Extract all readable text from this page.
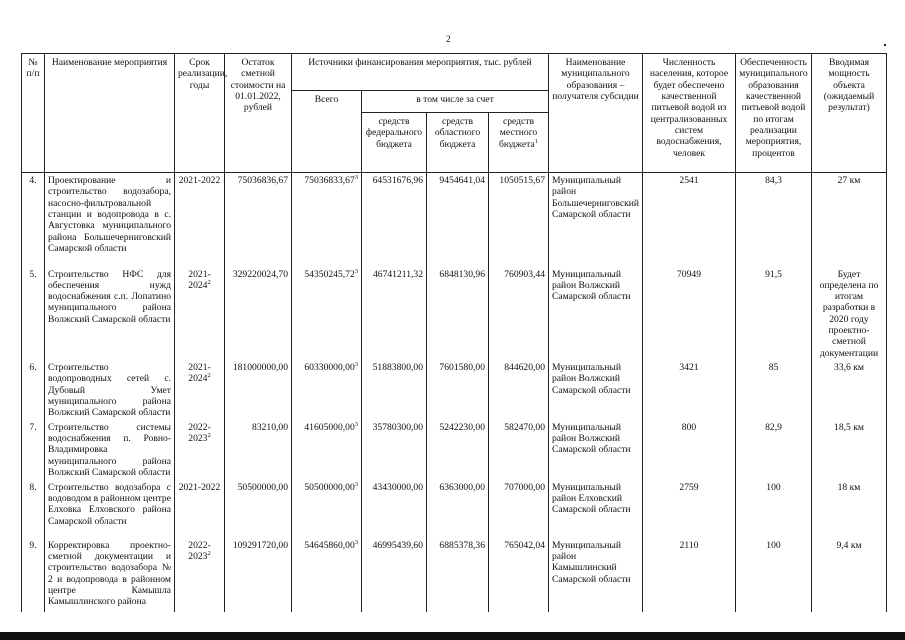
2
№ п/п	Наименование мероприятия	Срок реализации, годы	Остаток сметной стоимости на 01.01.2022, рублей	Источники финансирования мероприятия, тыс. рублей				Наименование муниципального образования – получателя субсидии	Численность населения, которое будет обеспечено качественной питьевой водой из централизованных систем водоснабжения, человек	Обеспеченность муниципального образования качественной питьевой водой по итогам реализации мероприятия, процентов	Вводимая мощность объекта (ожидаемый результат)
				Всего	в том числе за счет						
					средств федерального бюджета	средств областного бюджета	средств местного бюджета$^1$
4.	Проектирование и строительство водозабора, насосно-фильтровальной станции и водопровода в с. Августовка муниципального района Большечерниговский Самарской области	2021-2022	75036836,67	75036833,67$^3$	64531676,96	9454641,04	1050515,67	Муниципальный район Большечерниговский Самарской области	2541	84,3	27 км
5.	Строительство НФС для обеспечения нужд водоснабжения с.п. Лопатино муниципального района Волжский Самарской области	2021-2024$^2$	329220024,70	54350245,72$^3$	46741211,32	6848130,96	760903,44	Муниципальный район Волжский Самарской области	70949	91,5	Будет определена по итогам разработки в 2020 году проектно-сметной документации
6.	Строительство водопроводных сетей с. Дубовый Умет муниципального района Волжский Самарской области	2021-2024$^2$	181000000,00	60330000,00$^3$	51883800,00	7601580,00	844620,00	Муниципальный район Волжский Самарской области	3421	85	33,6 км
7.	Строительство системы водоснабжения п. Ровно-Владимировка муниципального района Волжский Самарской области	2022-2023$^2$	83210,00	41605000,00$^3$	35780300,00	5242230,00	582470,00	Муниципальный район Волжский Самарской области	800	82,9	18,5 км
8.	Строительство водозабора с водоводом в районном центре Елховка Елховского района Самарской области	2021-2022	50500000,00	50500000,00$^3$	43430000,00	6363000,00	707000,00	Муниципальный район Елховский Самарской области	2759	100	18 км
9.	Корректировка проектно-сметной документации и строительство водозабора № 2 и водопровода в районном центре Камышла Камышлинского района	2022-2023$^2$	109291720,00	54645860,00$^3$	46995439,60	6885378,36	765042,04	Муниципальный район Камышлинский Самарской области	2110	100	9,4 км
